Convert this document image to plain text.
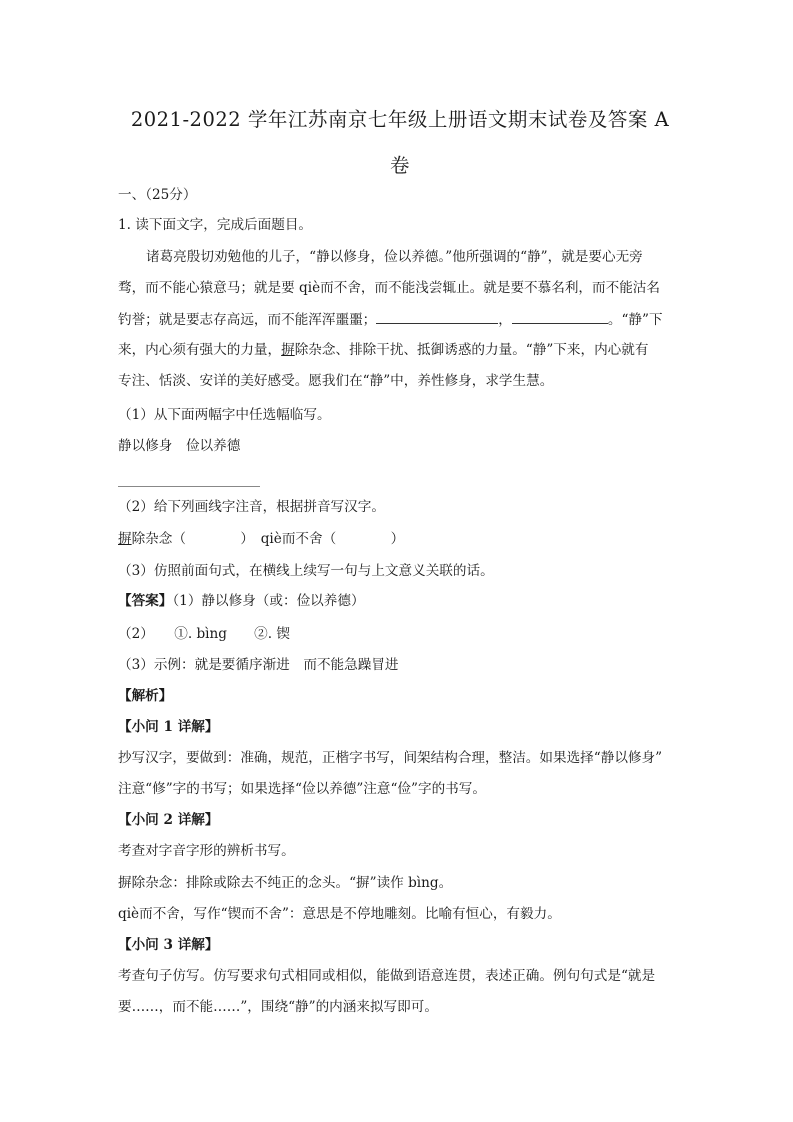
2021-2022 学年江苏南京七年级上册语文期末试卷及答案 A
卷
一、（25分）
1. 读下面文字，完成后面题目。
诸葛亮殷切劝勉他的儿子，“静以修身，俭以养德。”他所强调的“静”，就是要心无旁
骛，而不能心猿意马；就是要 qiè而不舍，而不能浅尝辄止。就是要不慕名利，而不能沽名
钓誉；就是要志存高远，而不能浑浑噩噩；	，	。“静”下
来，内心须有强大的力量，摒除杂念、排除干扰、抵御诱惑的力量。“静”下来，内心就有
专注、恬淡、安详的美好感受。愿我们在“静”中，养性修身，求学生慧。
（1）从下面两幅字中任选幅临写。
静以修身　俭以养德
（2）给下列画线字注音，根据拼音写汉字。
摒除杂念（　　　　）　qiè而不舍（　　　　）
（3）仿照前面句式，在横线上续写一句与上文意义关联的话。
【答案】（1）静以修身（或：俭以养德）
（2）　　①. bìng　　②. 锲
（3）示例：就是要循序渐进　而不能急躁冒进
【解析】
【小问 1 详解】
抄写汉字，要做到：准确，规范，正楷字书写，间架结构合理，整洁。如果选择“静以修身”
注意“修”字的书写；如果选择“俭以养德”注意“俭”字的书写。
【小问 2 详解】
考查对字音字形的辨析书写。
摒除杂念：排除或除去不纯正的念头。“摒”读作 bìng。
qiè而不舍，写作“锲而不舍”：意思是不停地雕刻。比喻有恒心，有毅力。
【小问 3 详解】
考查句子仿写。仿写要求句式相同或相似，能做到语意连贯，表述正确。例句句式是“就是
要……，而不能……”，围绕“静”的内涵来拟写即可。
